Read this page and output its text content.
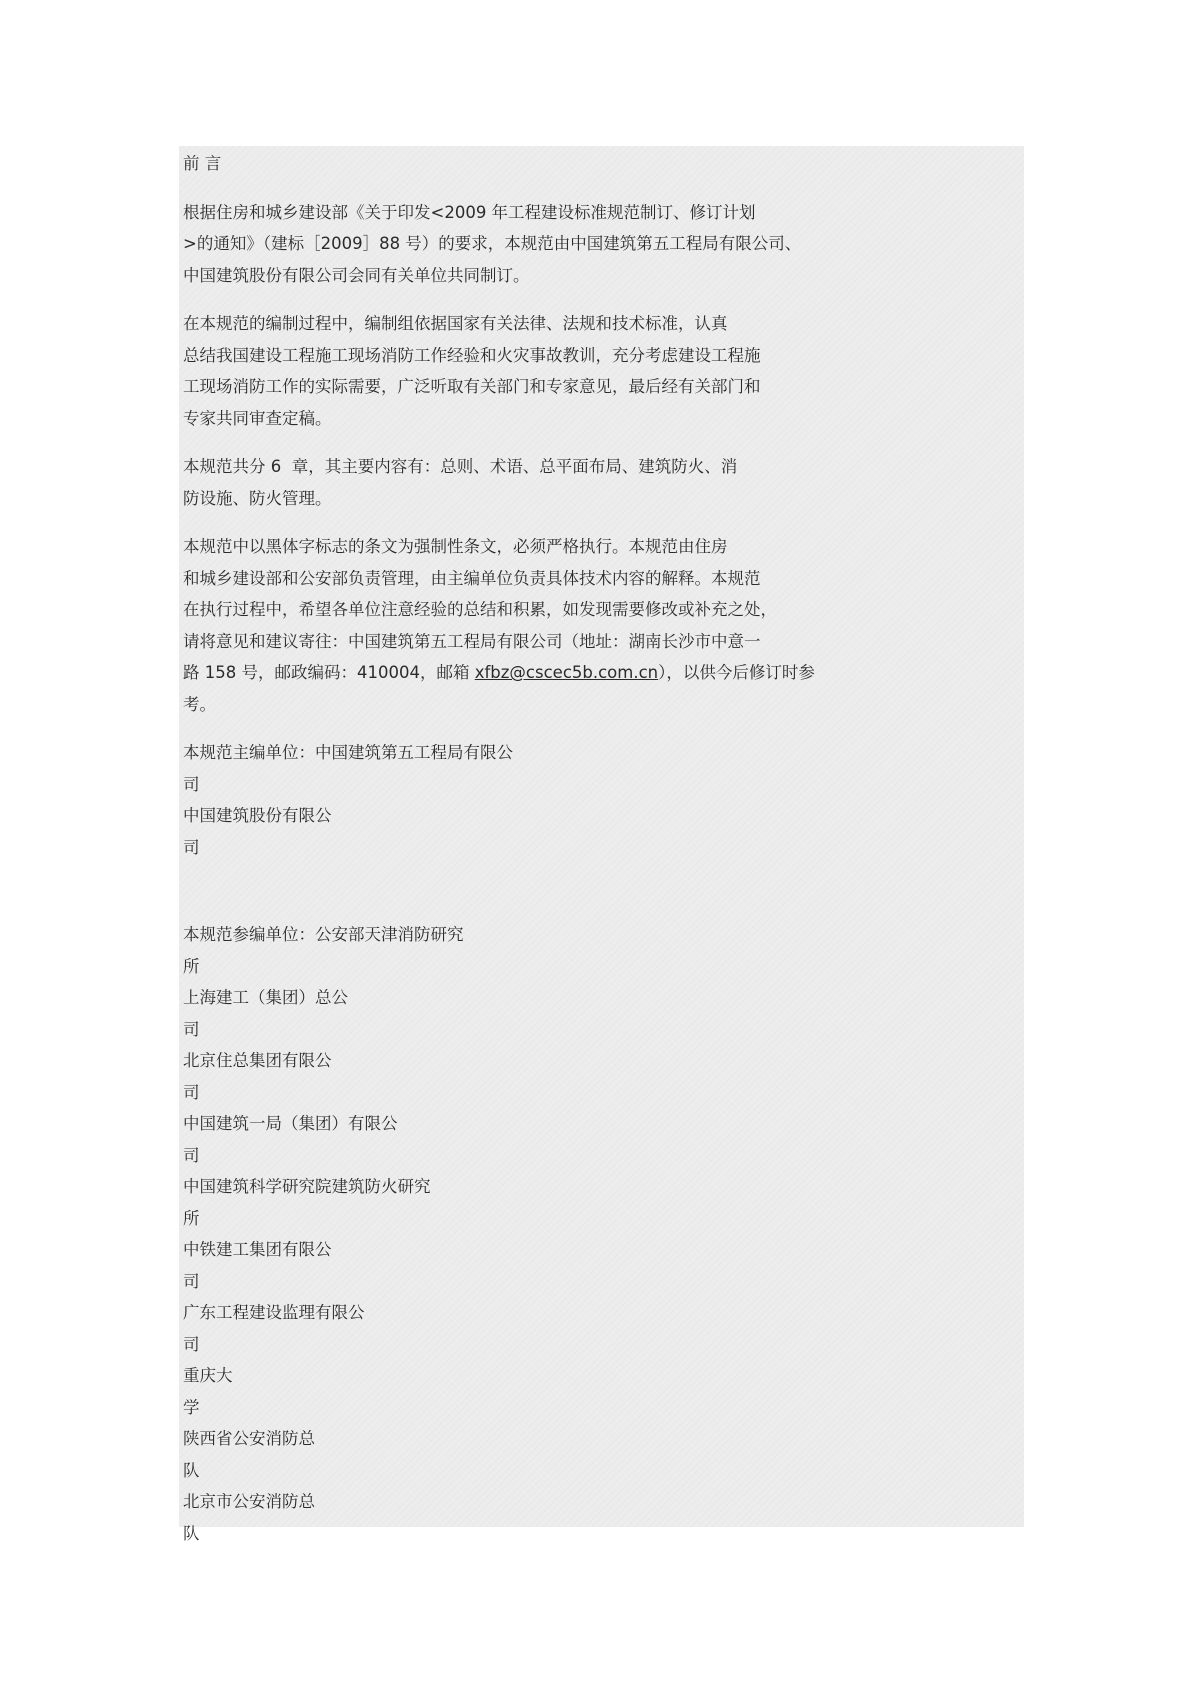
前 言
根据住房和城乡建设部《关于印发<2009 年工程建设标准规范制订、修订计划
>的通知》（建标［2009］88 号）的要求，本规范由中国建筑第五工程局有限公司、
中国建筑股份有限公司会同有关单位共同制订。
在本规范的编制过程中，编制组依据国家有关法律、法规和技术标准，认真
总结我国建设工程施工现场消防工作经验和火灾事故教训，充分考虑建设工程施
工现场消防工作的实际需要，广泛听取有关部门和专家意见，最后经有关部门和
专家共同审查定稿。
本规范共分 6  章，其主要内容有：总则、术语、总平面布局、建筑防火、消
防设施、防火管理。
本规范中以黑体字标志的条文为强制性条文，必须严格执行。本规范由住房
和城乡建设部和公安部负责管理，由主编单位负责具体技术内容的解释。本规范
在执行过程中，希望各单位注意经验的总结和积累，如发现需要修改或补充之处，
请将意见和建议寄往：中国建筑第五工程局有限公司（地址：湖南长沙市中意一
路 158 号，邮政编码：410004，邮箱 xfbz@cscec5b.com.cn），以供今后修订时参
考。
本规范主编单位：中国建筑第五工程局有限公
司
中国建筑股份有限公
司
本规范参编单位：公安部天津消防研究
所
上海建工（集团）总公
司
北京住总集团有限公
司
中国建筑一局（集团）有限公
司
中国建筑科学研究院建筑防火研究
所
中铁建工集团有限公
司
广东工程建设监理有限公
司
重庆大
学
陕西省公安消防总
队
北京市公安消防总
队
